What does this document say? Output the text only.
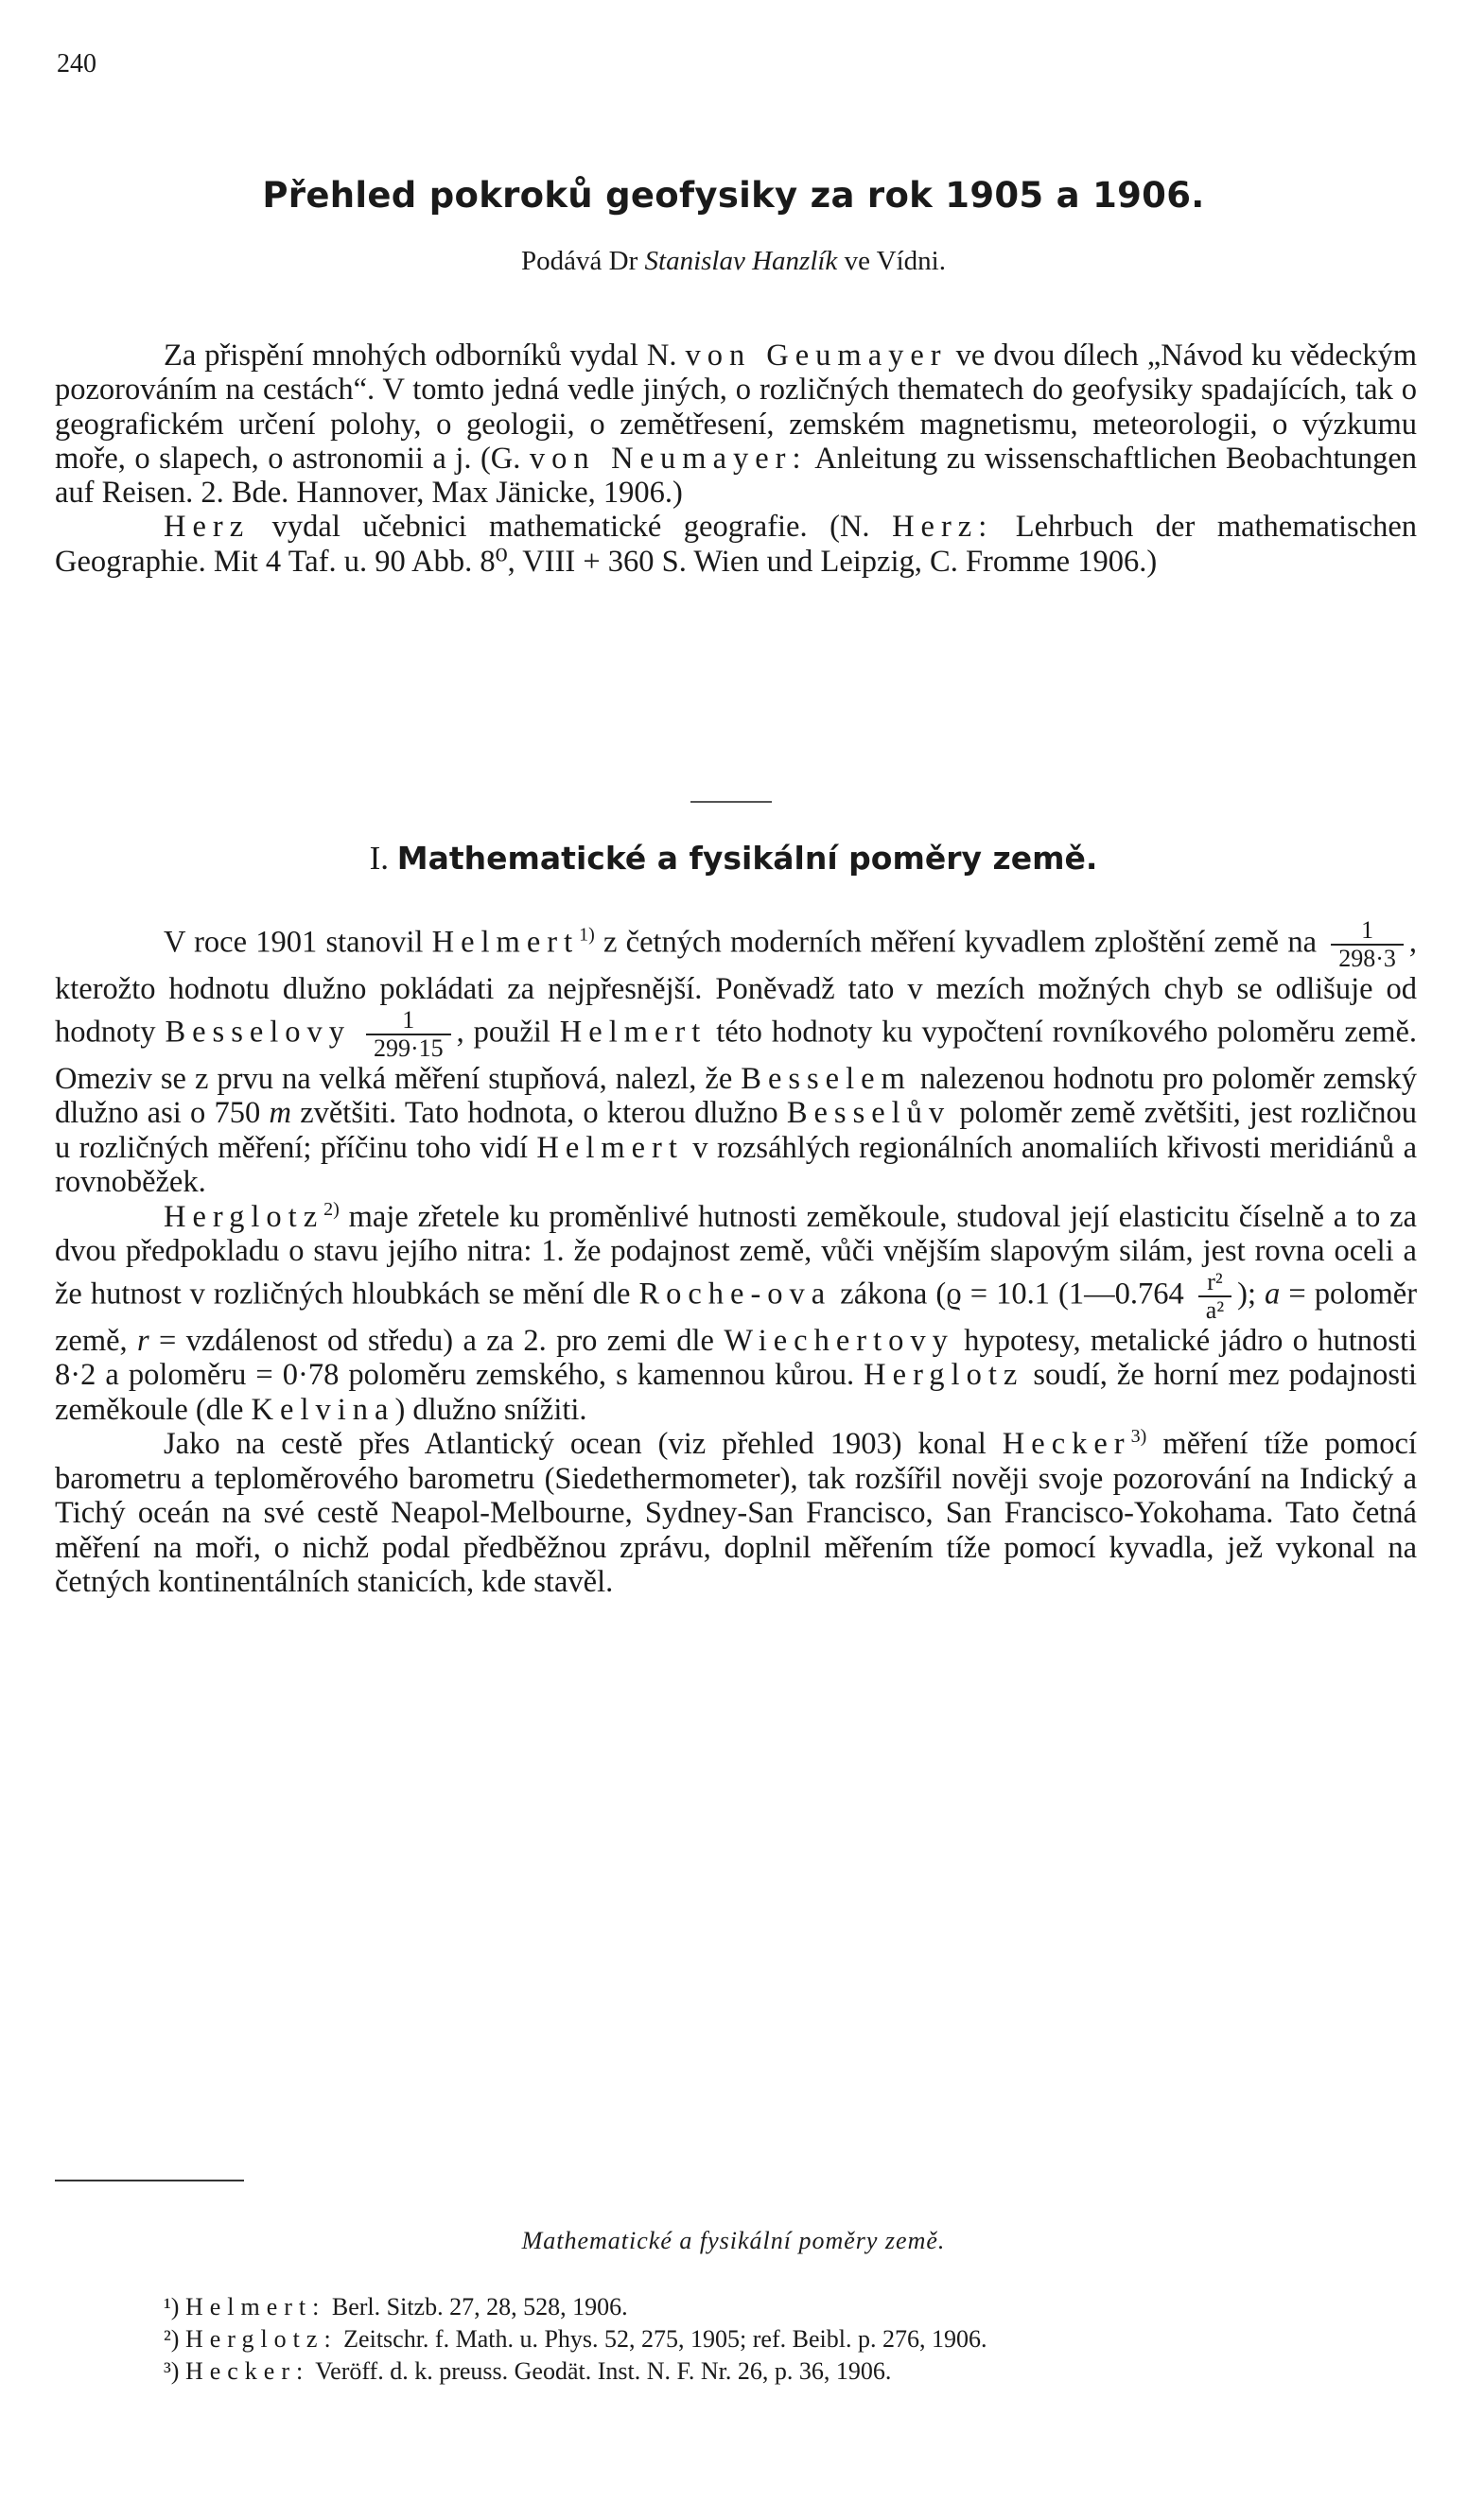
240
Přehled pokroků geofysiky za rok 1905 a 1906.
Podává Dr Stanislav Hanzlík ve Vídni.

Za přispění mnohých odborníků vydal N. von Geumayer ve dvou dílech „Návod ku vědeckým pozorováním na cestách“. V tomto jedná vedle jiných, o rozličných thematech do geofysiky spadajících, tak o geografickém určení polohy, o geologii, o zemětřesení, zemském magnetismu, meteorologii, o výzkumu moře, o slapech, o astronomii a j. (G. von Neumayer: Anleitung zu wissenschaftlichen Beobachtungen auf Reisen. 2. Bde. Hannover, Max Jänicke, 1906.)

Herz vydal učebnici mathematické geografie. (N. Herz: Lehrbuch der mathematischen Geographie. Mit 4 Taf. u. 90 Abb. 8⁰, VIII + 360 S. Wien und Leipzig, C. Fromme 1906.)

I. Mathematické a fysikální poměry země.

V roce 1901 stanovil Helmert$^{1)}$ z četných moderních měření kyvadlem zploštění země na $\frac{1}{298\cdot 3}$ , kterožto hodnotu dlužno pokládati za nejpřesnější. Poněvadž tato v mezích možných chyb se odlišuje od hodnoty Besselovy $\frac{1}{299\cdot 15}$ , použil Helmert této hodnoty ku vypočtení rovníkového poloměru země. Omeziv se z prvu na velká měření stupňová, nalezl, že Besselem nalezenou hodnotu pro poloměr zemský dlužno asi o 750 m zvětšiti. Tato hodnota, o kterou dlužno Besselův poloměr země zvětšiti, jest rozličnou u rozličných měření; příčinu toho vidí Helmert v rozsáhlých regionálních anomaliích křivosti meridiánů a rovnoběžek.

Herglotz$^{2)}$ maje zřetele ku proměnlivé hutnosti zeměkoule, studoval její elasticitu číselně a to za dvou předpokladu o stavu jejího nitra: 1. že podajnost země, vůči vnějším slapovým silám, jest rovna oceli a že hutnost v rozličných hloubkách se mění dle Roche-ova zákona (ϱ = 10.1 (1—0.764 $\frac{\text{r²}}{\text{a²}}$ ); a = poloměr země, r = vzdálenost od středu) a za 2. pro zemi dle Wiechertovy hypotesy, metalické jádro o hutnosti 8·2 a poloměru = 0·78 poloměru zemského, s kamennou kůrou. Herglotz soudí, že horní mez podajnosti zeměkoule (dle Kelvina) dlužno snížiti.

Jako na cestě přes Atlantický ocean (viz přehled 1903) konal Hecker$^{3)}$ měření tíže pomocí barometru a teploměrového barometru (Siedethermometer), tak rozšířil nověji svoje pozorování na Indický a Tichý oceán na své cestě Neapol-Melbourne, Sydney-San Francisco, San Francisco-Yokohama. Tato četná měření na moři, o nichž podal předběžnou zprávu, doplnil měřením tíže pomocí kyvadla, jež vykonal na četných kontinentálních stanicích, kde stavěl.

Mathematické a fysikální poměry země.

¹) Helmert: Berl. Sitzb. 27, 28, 528, 1906.

²) Herglotz: Zeitschr. f. Math. u. Phys. 52, 275, 1905; ref. Beibl. p. 276, 1906.

³) Hecker: Veröff. d. k. preuss. Geodät. Inst. N. F. Nr. 26, p. 36, 1906.
